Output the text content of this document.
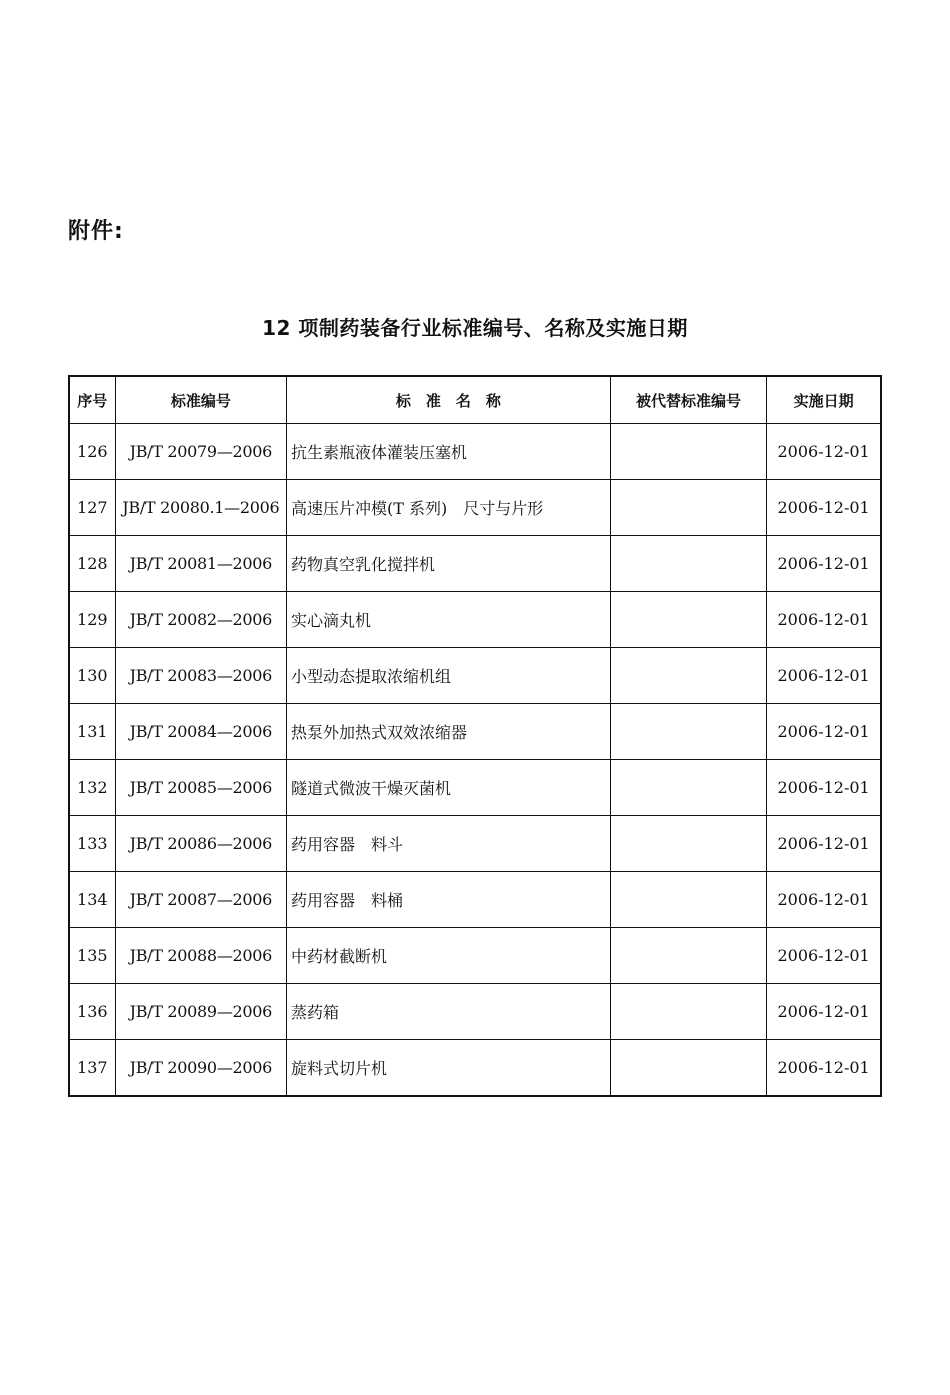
附件:
12 项制药装备行业标准编号、名称及实施日期
序号	标准编号	标　准　名　称	被代替标准编号	实施日期
126	JB/T 20079—2006	抗生素瓶液体灌装压塞机		2006-12-01
127	JB/T 20080.1—2006	高速压片冲模(T 系列)　尺寸与片形		2006-12-01
128	JB/T 20081—2006	药物真空乳化搅拌机		2006-12-01
129	JB/T 20082—2006	实心滴丸机		2006-12-01
130	JB/T 20083—2006	小型动态提取浓缩机组		2006-12-01
131	JB/T 20084—2006	热泵外加热式双效浓缩器		2006-12-01
132	JB/T 20085—2006	隧道式微波干燥灭菌机		2006-12-01
133	JB/T 20086—2006	药用容器　料斗		2006-12-01
134	JB/T 20087—2006	药用容器　料桶		2006-12-01
135	JB/T 20088—2006	中药材截断机		2006-12-01
136	JB/T 20089—2006	蒸药箱		2006-12-01
137	JB/T 20090—2006	旋料式切片机		2006-12-01
